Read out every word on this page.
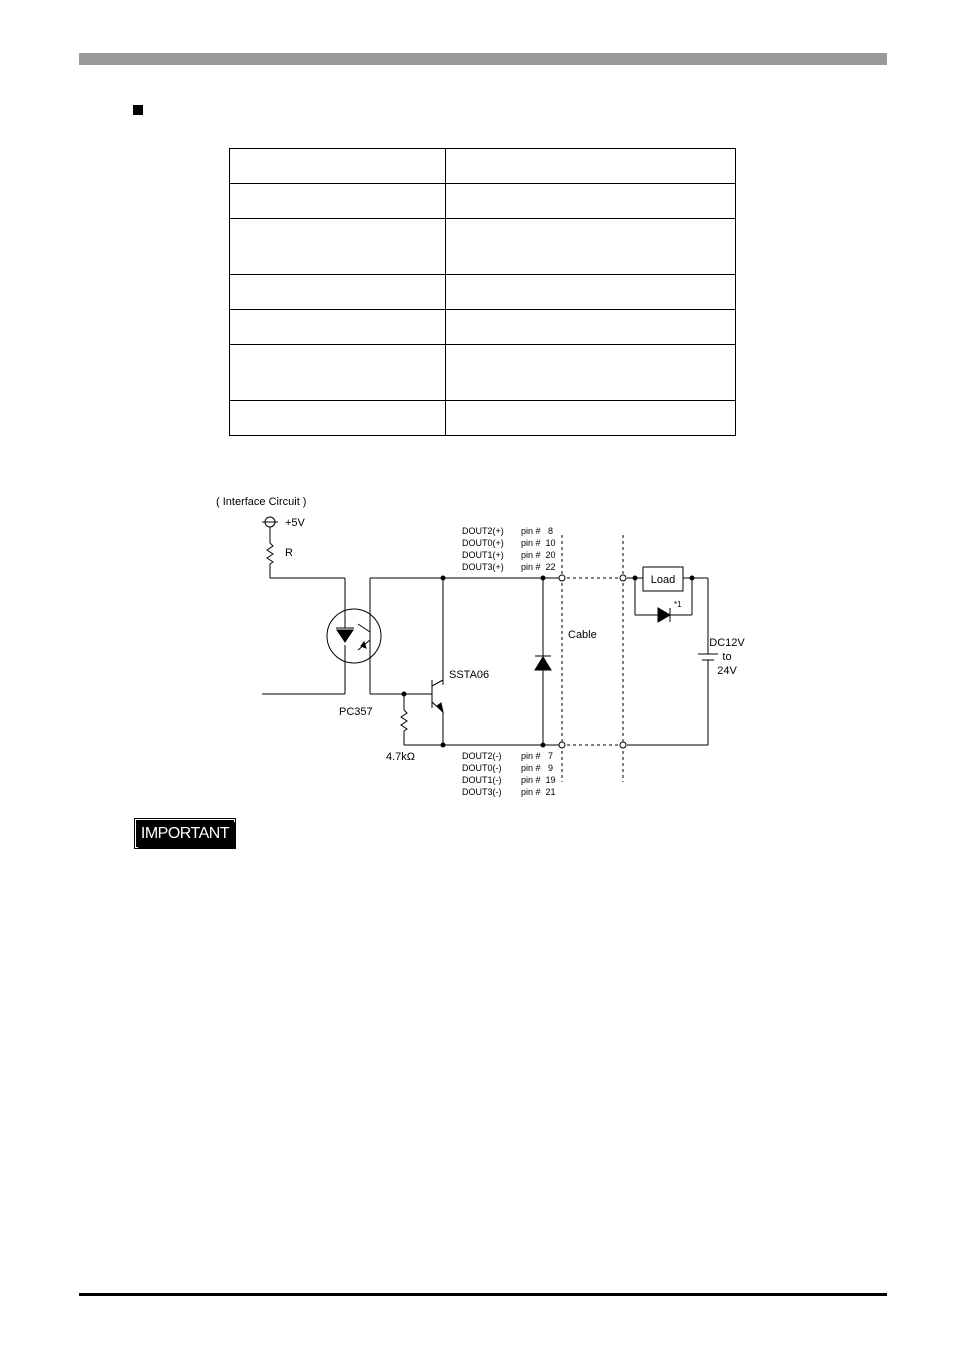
( Interface Circuit )
+5V
R
PC357
SSTA06
4.7kΩ
Cable
Load
DC12V
to
24V
*1
DOUT2(+)
DOUT0(+)
DOUT1(+)
DOUT3(+)
pin #   8
pin #  10
pin #  20
pin #  22
DOUT2(-)
DOUT0(-)
DOUT1(-)
DOUT3(-)
pin #   7
pin #   9
pin #  19
pin #  21
IMPORTANT
